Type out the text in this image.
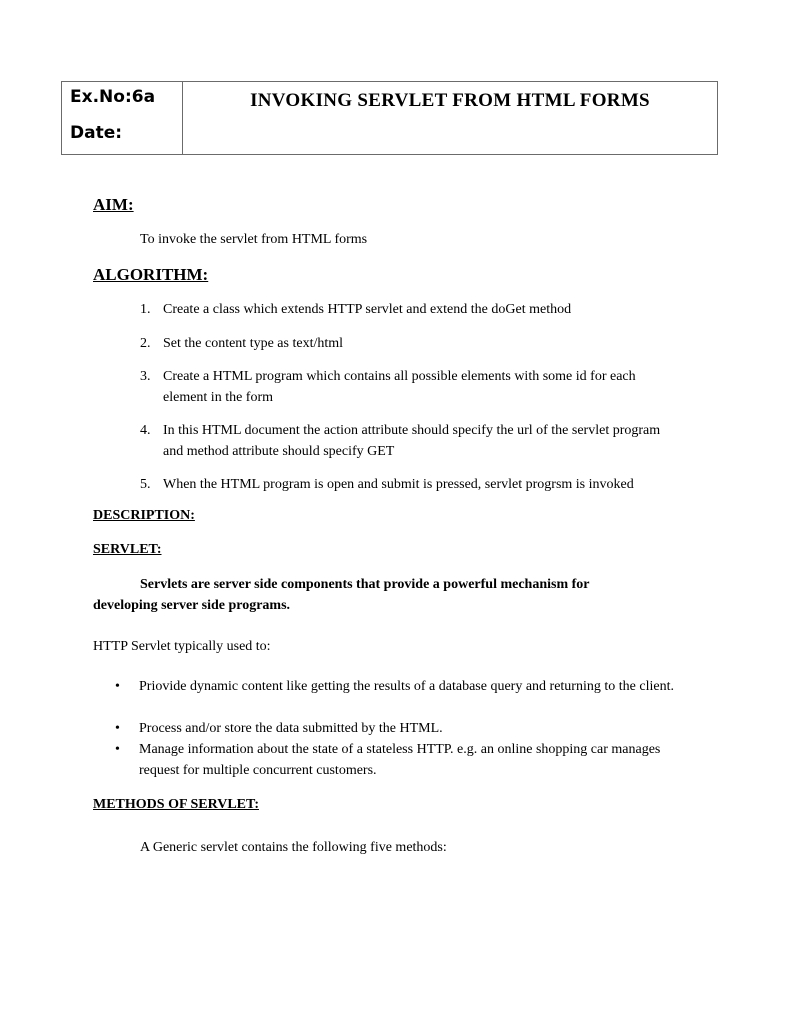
Ex.No:6a
Date:
INVOKING SERVLET FROM HTML FORMS
AIM:
To invoke the servlet from HTML forms
ALGORITHM:
1. Create a class which extends HTTP servlet and extend the doGet method
2. Set the content type as text/html
3. Create a HTML program which contains all possible elements with some id for each element in the form
4. In this HTML document the action attribute should specify the url of the servlet program and method attribute should specify GET
5. When the HTML program is open and submit is pressed, servlet progrsm is invoked
DESCRIPTION:
SERVLET:
Servlets are server side components that provide a powerful mechanism for developing server side programs.
HTTP Servlet typically used to:
• Priovide dynamic content like getting the results of a database query and returning to the client.
• Process and/or store the data submitted by the HTML.
• Manage information about the state of a stateless HTTP. e.g. an online shopping car manages request for multiple concurrent customers.
METHODS OF SERVLET:
A Generic servlet contains the following five methods:
